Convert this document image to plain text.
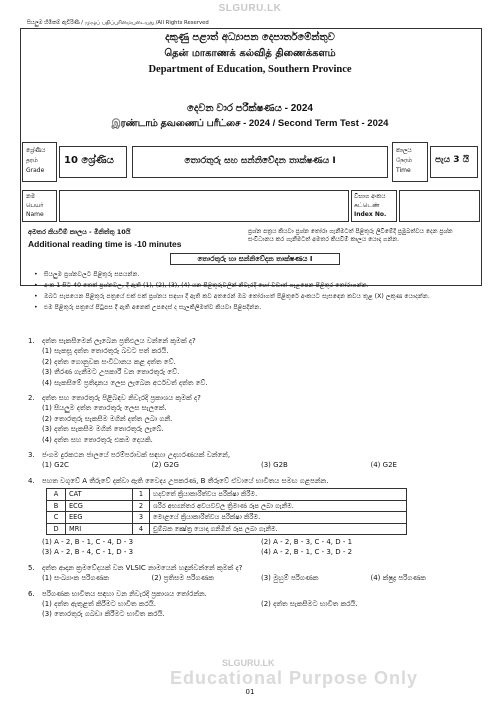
SLGURU.LK
සියලුම හිමිකම් ඇවිරිණි / முழுப் பதிப்புரிமையுடையது /All Rights Reserved
දකුණු පළාත් අධ්‍යාපන දෙපාර්තමේන්තුව
தென் மாகாணக் கல்வித் திணைக்களம்
Department of Education, Southern Province
දෙවන වාර පරීක්ෂණය - 2024
இரண்டாம் தவணைப் பரீட்சை - 2024 / Second Term Test - 2024
ශ්‍රේණිය
தரம்
Grade
10 ශ්‍රේණිය	තොරතුරු සහ සන්නිවේදන තාක්ෂණය I
කාලය
நேரம்
Time
පැය 3 යි
නම
பெயர்
Name
විභාග අංකය
சுட்டெண்
Index No.
අමතර කියවීම් කාලය - මිනිත්තු 10යි
Additional reading time is -10 minutes
ප්‍රශ්න පත්‍රය කියවා ප්‍රශ්න තෝරා ගැනීමටත් පිළිතුරු ලිවීමේදී ප්‍රමුඛත්වය දෙන ප්‍රශ්න සංවිධානය කර ගැනීමටත් අමතර කියවීම් කාලය යොදා ගන්න.
තොරතුරු හා සන්නිවේදන තාක්ෂණය I
• සියලුම ප්‍රශ්නවලට පිළිතුරු සපයන්න.
• අංක 1 සිට 40 තෙක් ප්‍රශ්නවල, දී ඇති (1), (2), (3), (4) යන පිළිතුරුවලින් නිවැරදි හෝ වඩාත් ගැළපෙන පිළිතුර තෝරාගන්න.
• ඔබට සැපයෙන පිළිතුරු පත්‍රයේ එක් එක් ප්‍රශ්නය සඳහා දී ඇති කව අතරෙන් ඔබ තෝරාගත් පිළිතුරේ අංකයට සැසඳෙන කවය තුළ (X) ලකුණ යොදන්න.
• එම පිළිතුරු පත්‍රයේ පිටුපස දී ඇති අනෙක් උපදෙස් ද සැලකිලිමත්ව කියවා පිළිපදින්න.
1. දත්ත සැකසීමෙන් ලැබෙන ප්‍රතිඵලය වන්නේ කුමක් ද?
(1) සැකසූ දත්ත තොරතුරු බවට පත් කරයි.
(2) දත්ත ගොනුවක සංවිධානය කළ දත්ත වේ.
(3) තීරණ ගැනීමට උපකාරී වන තොරතුරු වේ.
(4) සැකසීමේ ප්‍රතිදානය ලෙස ලැබෙන අර්ථවත් දත්ත වේ.
2. දත්ත සහ තොරතුරු පිළිබඳව නිවැරදි ප්‍රකාශය කුමක් ද?
(1) සියලුම දත්ත තොරතුරු ලෙස සැලකේ.
(2) තොරතුරු සැකසීම මගින් දත්ත ලබා ගනී.
(3) දත්ත සැකසීම මගින් තොරතුරු ලැබේ.
(4) දත්ත සහ තොරතුරු එකම දෙයකි.
3. ජංගම දුරකථන ජාලයේ පරම්පරාවක් සඳහා උදාහරණයක් වන්නේ,
(1) G2C	(2) G2G	(3) G2B	(4) G2E
4. පහත වගුවේ A තීරුවේ දක්වා ඇති වෛද්‍ය උපකරණ, B තීරුවේ ඒවායේ භාවිතය සමඟ ගළපන්න.
A	CAT	1	හදවතේ ක්‍රියාකාරීත්වය පරීක්ෂා කිරීම.
B	ECG	2	ශරීර අභ්‍යන්තර අවයවවල ත්‍රිමාණ රූප ලබා ගැනීම.
C	EEG	3	මොළයේ ක්‍රියාකාරීත්වය පරීක්ෂා කිරීම.
D	MRI	4	චුම්බක ක්‍ෂේත්‍ර යොදා ගනිමින් රූප ලබා ගැනීම.
(1) A - 2, B - 1, C - 4, D - 3	(2) A - 2, B - 3, C - 4, D - 1
(3) A - 2, B - 4, C - 1, D - 3	(4) A - 2, B - 1, C - 3, D - 2
5. දත්ත ආදාන ක්‍රමවේදයක් වන VLSIC නාමයෙන් හඳුන්වන්නේ කුමක් ද?
(1) සංඛ්‍යාංක පරිගණක	(2) ප්‍රතිසම පරිගණක	(3) මුහුම් පරිගණක	(4) ක්ෂුද්‍ර පරිගණක
6. පරිගණක භාවිතය සඳහා වන නිවැරදි ප්‍රකාශය තෝරන්න.
(1) දත්ත ඇතුළත් කිරීමට භාවිත කරයි.	(2) දත්ත සැකසීමට භාවිත කරයි.
(3) තොරතුරු ගබඩා කිරීමට භාවිත කරයි.
SLGURU.LK
Educational Purpose Only
01
